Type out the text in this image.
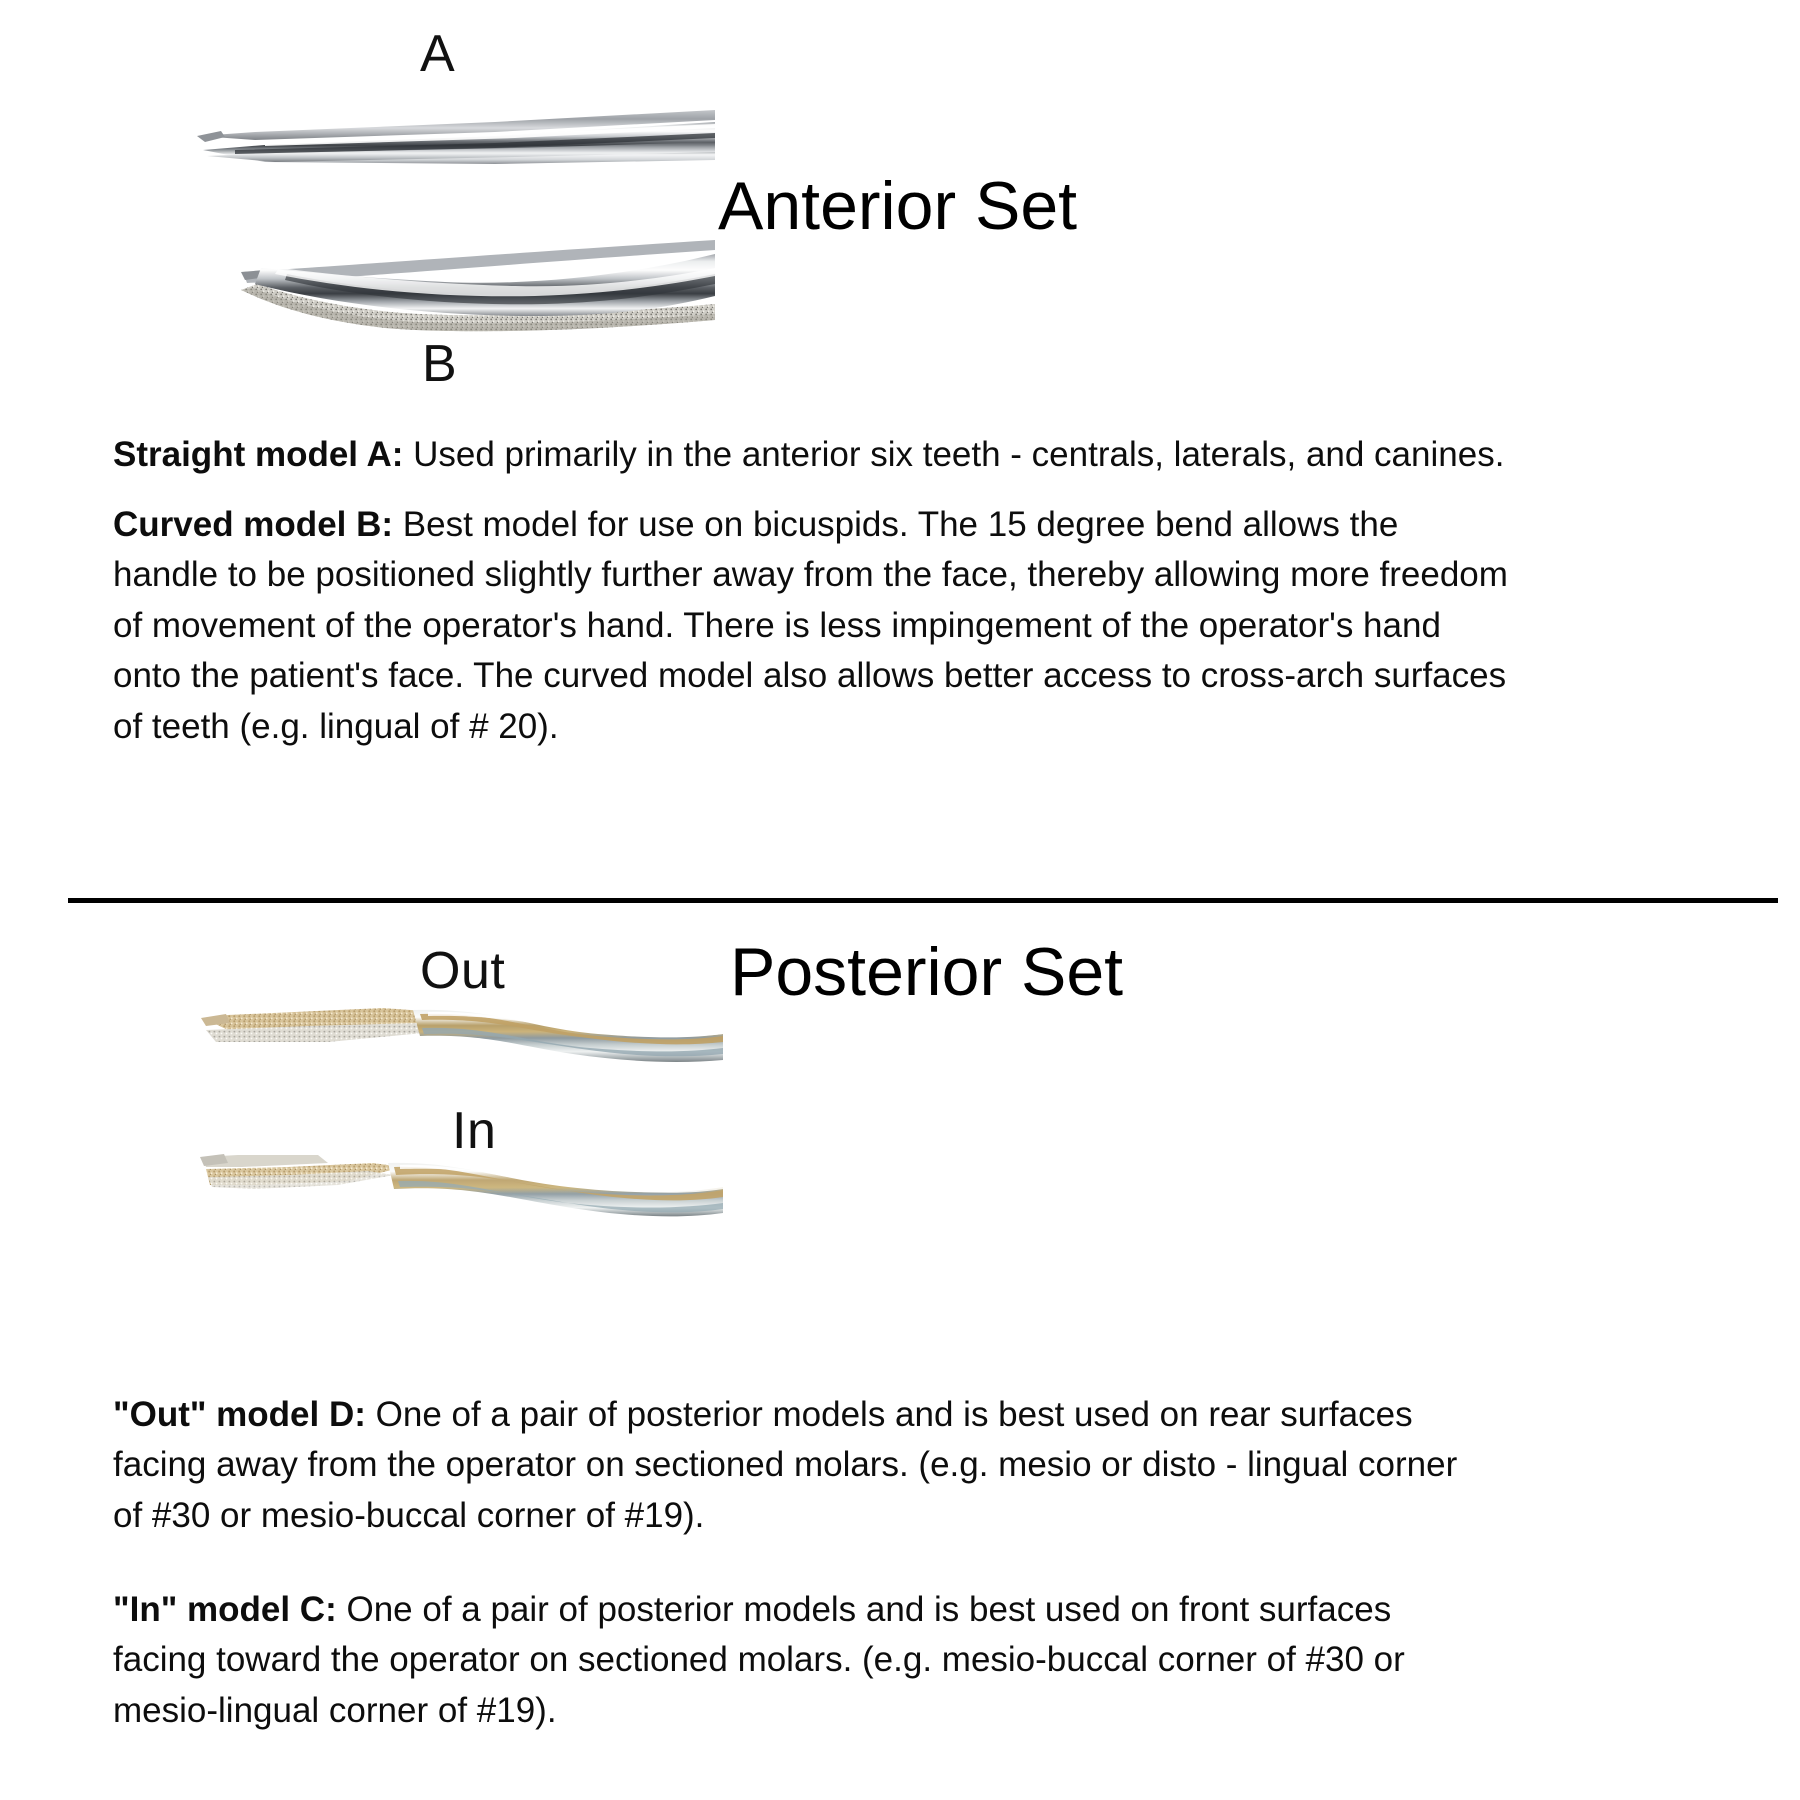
A
B
Anterior Set
Straight model A: Used primarily in the anterior six teeth - centrals, laterals, and canines.
Curved model B: Best model for use on bicuspids. The 15 degree bend allows the handle to be positioned slightly further away from the face, thereby allowing more freedom of movement of the operator's hand. There is less impingement of the operator's hand onto the patient's face. The curved model also allows better access to cross-arch surfaces of teeth (e.g. lingual of # 20).
Out
In
Posterior Set
"Out" model D: One of a pair of posterior models and is best used on rear surfaces facing away from the operator on sectioned molars. (e.g. mesio or disto - lingual corner of #30 or mesio-buccal corner of #19).
"In" model C: One of a pair of posterior models and is best used on front surfaces facing toward the operator on sectioned molars. (e.g. mesio-buccal corner of #30 or mesio-lingual corner of #19).
